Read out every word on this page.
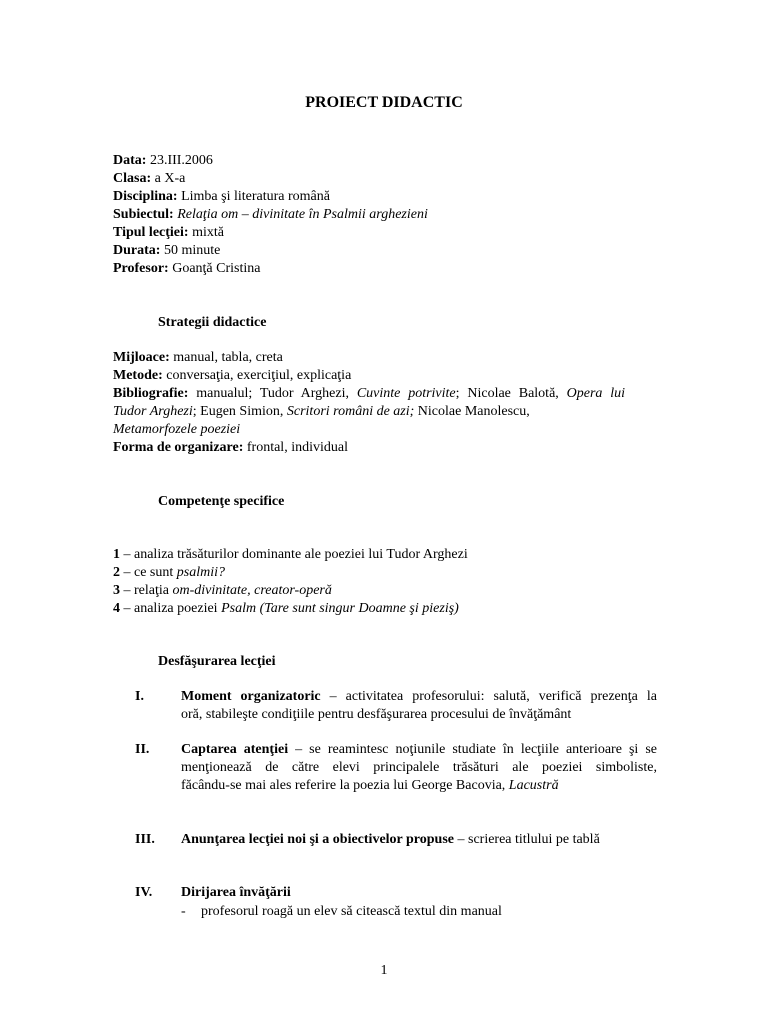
PROIECT DIDACTIC
Data: 23.III.2006
Clasa: a X-a
Disciplina: Limba şi literatura română
Subiectul: Relaţia om – divinitate în Psalmii arghezieni
Tipul lecţiei: mixtă
Durata: 50 minute
Profesor: Goanţă Cristina
Strategii didactice
Mijloace: manual, tabla, creta
Metode: conversaţia, exerciţiul, explicaţia
Bibliografie: manualul; Tudor Arghezi, Cuvinte potrivite; Nicolae Balotă, Opera lui
Tudor Arghezi; Eugen Simion, Scritori români de azi; Nicolae Manolescu,
Metamorfozele poeziei
Forma de organizare: frontal, individual
Competenţe specifice
1 – analiza trăsăturilor dominante ale poeziei lui Tudor Arghezi
2 – ce sunt psalmii?
3 – relaţia om-divinitate, creator-operă
4 – analiza poeziei Psalm (Tare sunt singur Doamne şi pieziş)
Desfăşurarea lecţiei
I.	Moment organizatoric – activitatea profesorului: salută, verifică prezenţa la
oră, stabileşte condiţiile pentru desfăşurarea procesului de învăţământ
II. Captarea atenţiei – se reamintesc noţiunile studiate în lecţiile anterioare şi se
menţionează de către elevi principalele trăsături ale poeziei simboliste,
făcându-se mai ales referire la poezia lui George Bacovia, Lacustră
III. Anunţarea lecţiei noi şi a obiectivelor propuse – scrierea titlului pe tablă
IV. Dirijarea învăţării
- profesorul roagă un elev să citească textul din manual
1
